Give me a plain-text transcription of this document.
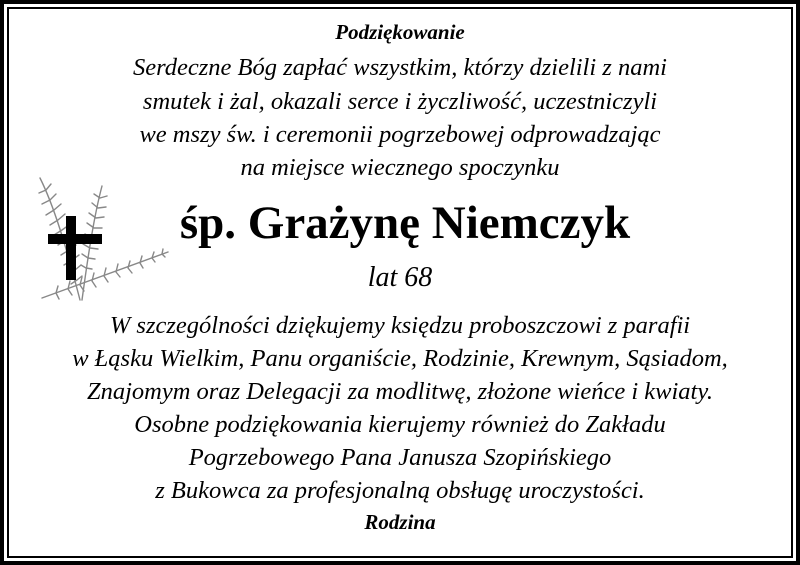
Podziękowanie
Serdeczne Bóg zapłać wszystkim, którzy dzielili z nami
smutek i żal, okazali serce i życzliwość, uczestniczyli
we mszy św. i ceremonii pogrzebowej odprowadzając
na miejsce wiecznego spoczynku
śp. Grażynę Niemczyk
lat 68
W szczególności dziękujemy księdzu proboszczowi z parafii
w Łąsku Wielkim, Panu organiście, Rodzinie, Krewnym, Sąsiadom,
Znajomym oraz Delegacji za modlitwę, złożone wieńce i kwiaty.
Osobne podziękowania kierujemy również do Zakładu
Pogrzebowego Pana Janusza Szopińskiego
z Bukowca za profesjonalną obsługę uroczystości.
Rodzina
